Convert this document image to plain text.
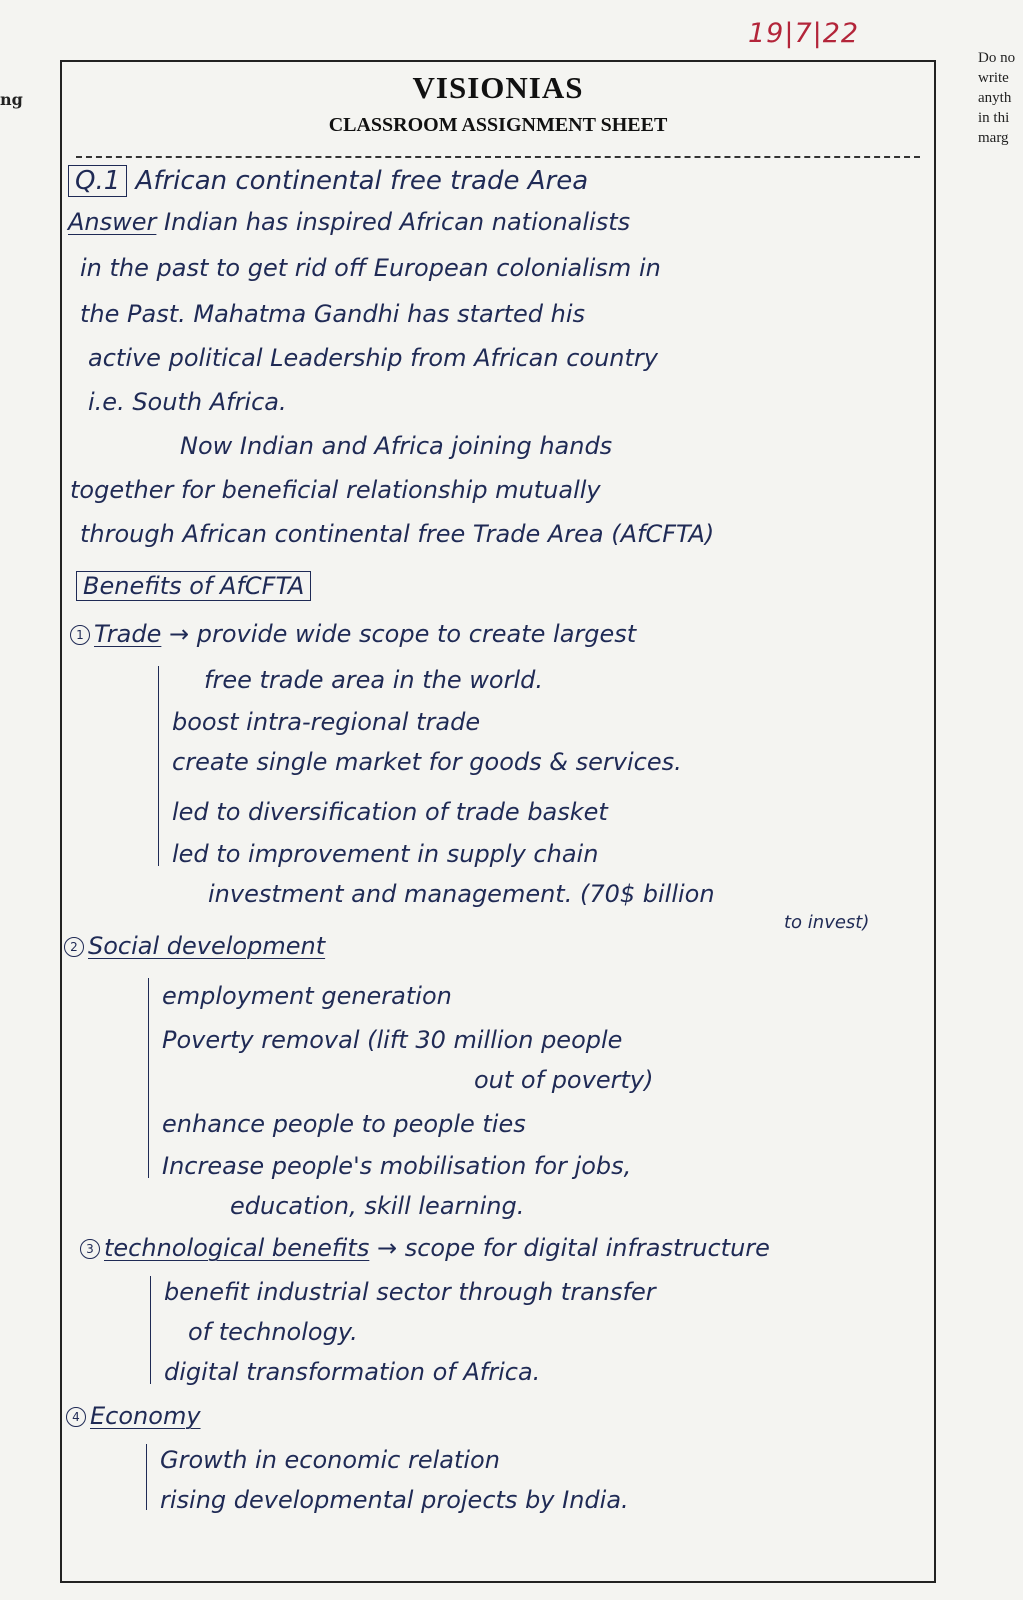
ng
19|7|22
Do no
write
anyth
in thi
marg
VISIONIAS
CLASSROOM ASSIGNMENT SHEET
Q.1 African continental free trade Area
Answer Indian has inspired African nationalists
in the past to get rid off European colonialism in
the Past. Mahatma Gandhi has started his
active political Leadership from African country
i.e. South Africa.
Now Indian and Africa joining hands
together for beneficial relationship mutually
through African continental free Trade Area (AfCFTA)
Benefits of AfCFTA
1 Trade → provide wide scope to create largest
free trade area in the world.
boost intra-regional trade
create single market for goods & services.
led to diversification of trade basket
led to improvement in supply chain
investment and management. (70$ billion
to invest)
2 Social development
employment generation
Poverty removal (lift 30 million people
out of poverty)
enhance people to people ties
Increase people's mobilisation for jobs,
education, skill learning.
3 technological benefits → scope for digital infrastructure
benefit industrial sector through transfer
of technology.
digital transformation of Africa.
4 Economy
Growth in economic relation
rising developmental projects by India.
